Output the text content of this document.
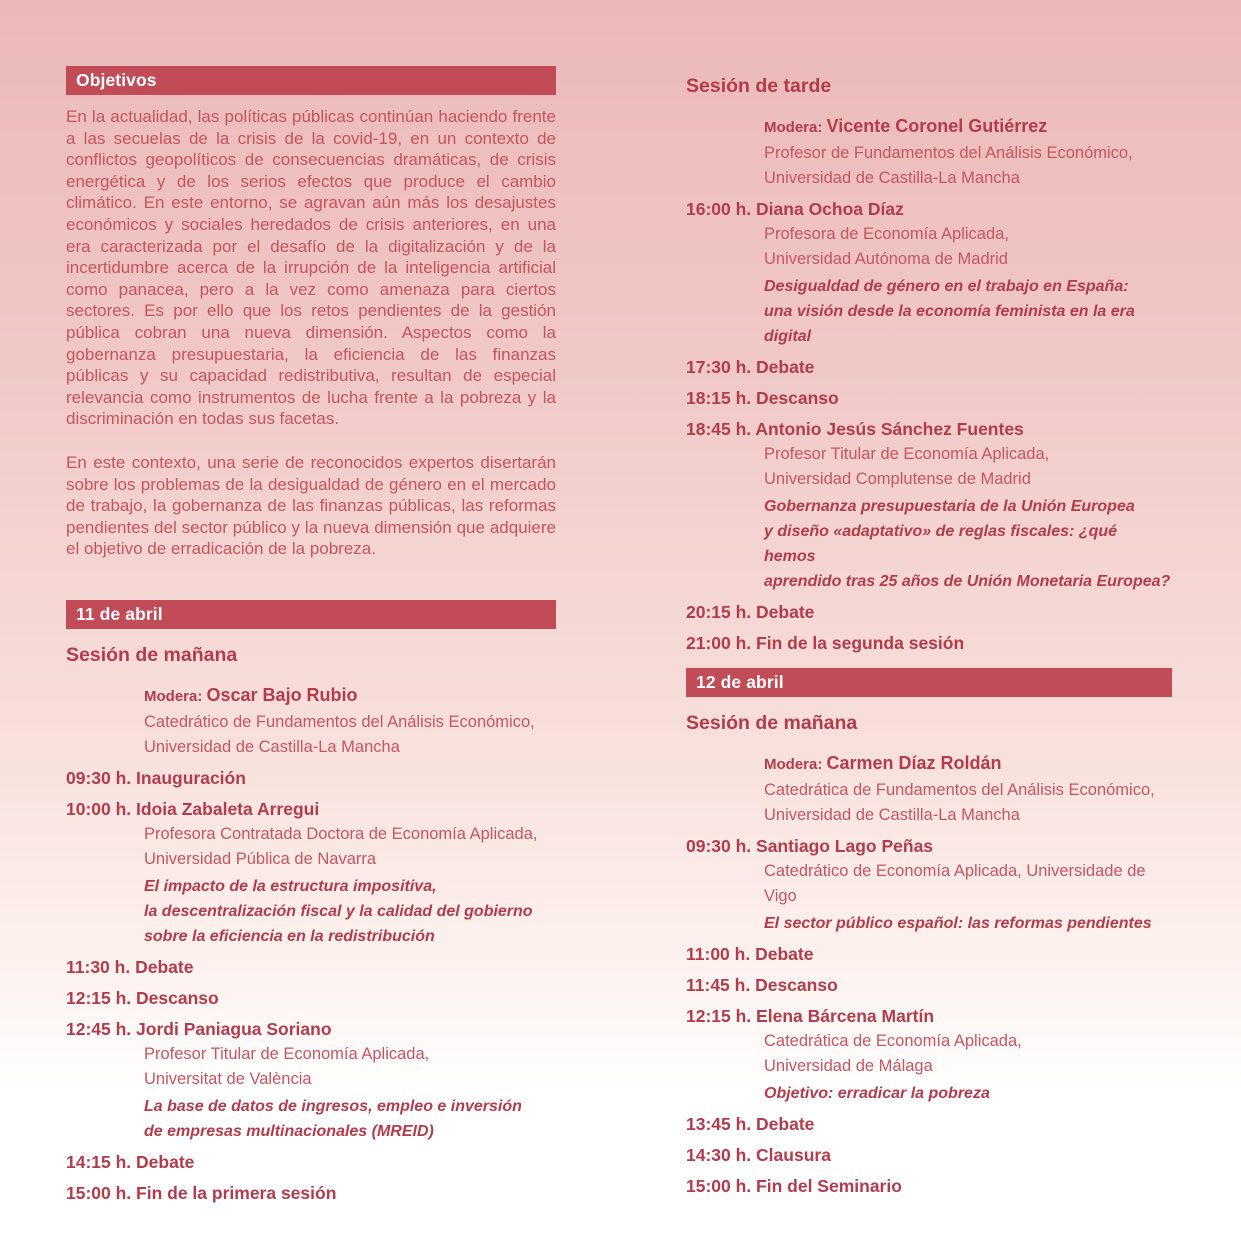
Objetivos

En la actualidad, las políticas públicas continúan haciendo frente a las secuelas de la crisis de la covid-19, en un contexto de conflictos geopolíticos de consecuencias dramáticas, de crisis energética y de los serios efectos que produce el cambio climático. En este entorno, se agravan aún más los desajustes económicos y sociales heredados de crisis anteriores, en una era caracterizada por el desafío de la digitalización y de la incertidumbre acerca de la irrupción de la inteligencia artificial como panacea, pero a la vez como amenaza para ciertos sectores. Es por ello que los retos pendientes de la gestión pública cobran una nueva dimensión. Aspectos como la gobernanza presupuestaria, la eficiencia de las finanzas públicas y su capacidad redistributiva, resultan de especial relevancia como instrumentos de lucha frente a la pobreza y la discriminación en todas sus facetas.

En este contexto, una serie de reconocidos expertos disertarán sobre los problemas de la desigualdad de género en el mercado de trabajo, la gobernanza de las finanzas públicas, las reformas pendientes del sector público y la nueva dimensión que adquiere el objetivo de erradicación de la pobreza.

11 de abril
Sesión de mañana
Modera: Oscar Bajo Rubio
Catedrático de Fundamentos del Análisis Económico,
Universidad de Castilla-La Mancha
09:30 h. Inauguración
10:00 h. Idoia Zabaleta Arregui
Profesora Contratada Doctora de Economía Aplicada,
Universidad Pública de Navarra
El impacto de la estructura impositiva,
la descentralización fiscal y la calidad del gobierno
sobre la eficiencia en la redistribución
11:30 h. Debate
12:15 h. Descanso
12:45 h. Jordi Paniagua Soriano
Profesor Titular de Economía Aplicada,
Universitat de València
La base de datos de ingresos, empleo e inversión
de empresas multinacionales (MREID)
14:15 h. Debate
15:00 h. Fin de la primera sesión
Sesión de tarde
Modera: Vicente Coronel Gutiérrez
Profesor de Fundamentos del Análisis Económico,
Universidad de Castilla-La Mancha
16:00 h. Diana Ochoa Díaz
Profesora de Economía Aplicada,
Universidad Autónoma de Madrid
Desigualdad de género en el trabajo en España:
una visión desde la economía feminista en la era digital
17:30 h. Debate
18:15 h. Descanso
18:45 h. Antonio Jesús Sánchez Fuentes
Profesor Titular de Economía Aplicada,
Universidad Complutense de Madrid
Gobernanza presupuestaria de la Unión Europea
y diseño «adaptativo» de reglas fiscales: ¿qué hemos
aprendido tras 25 años de Unión Monetaria Europea?
20:15 h. Debate
21:00 h. Fin de la segunda sesión
12 de abril
Sesión de mañana
Modera: Carmen Díaz Roldán
Catedrática de Fundamentos del Análisis Económico,
Universidad de Castilla-La Mancha
09:30 h. Santiago Lago Peñas
Catedrático de Economía Aplicada, Universidade de Vigo
El sector público español: las reformas pendientes
11:00 h. Debate
11:45 h. Descanso
12:15 h. Elena Bárcena Martín
Catedrática de Economía Aplicada,
Universidad de Málaga
Objetivo: erradicar la pobreza
13:45 h. Debate
14:30 h. Clausura
15:00 h. Fin del Seminario
